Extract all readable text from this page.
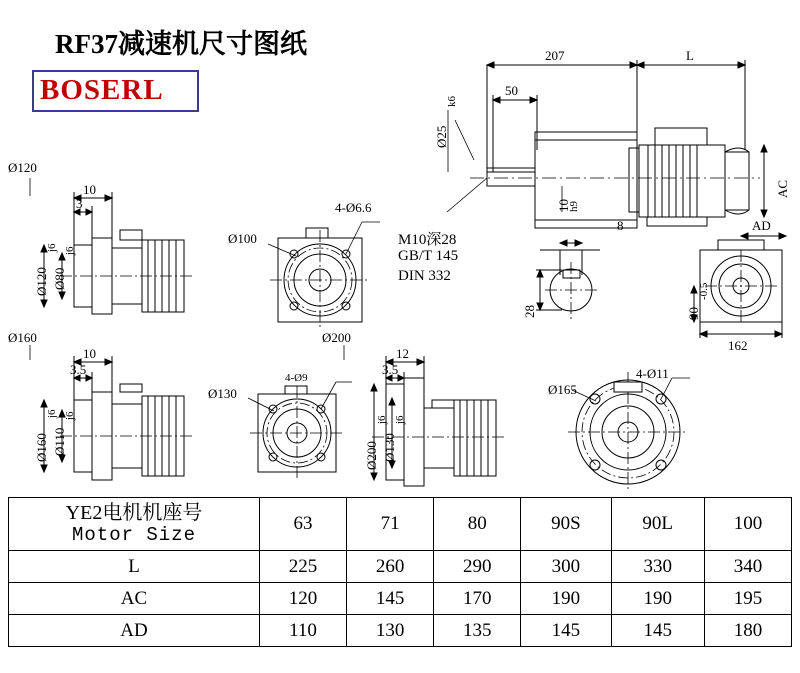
RF37减速机尺寸图纸
BOSERL
207	L
50
Ø25
k6
AC
10
h9
M10深28
GB/T 145
DIN 332
8
28
AD
90
-0.5
162
Ø120
10
3
Ø120
j6
Ø80
j6
4-Ø6.6
Ø100
Ø160
10
3.5
Ø160
j6
Ø110
j6
4-Ø9
Ø130
Ø200
12
3.5
Ø200
j6
Ø130
j6
4-Ø11
Ø165
YE2电机机座号
Motor Size	63	71	80	90S	90L	100
L	225	260	290	300	330	340
AC	120	145	170	190	190	195
AD	110	130	135	145	145	180
